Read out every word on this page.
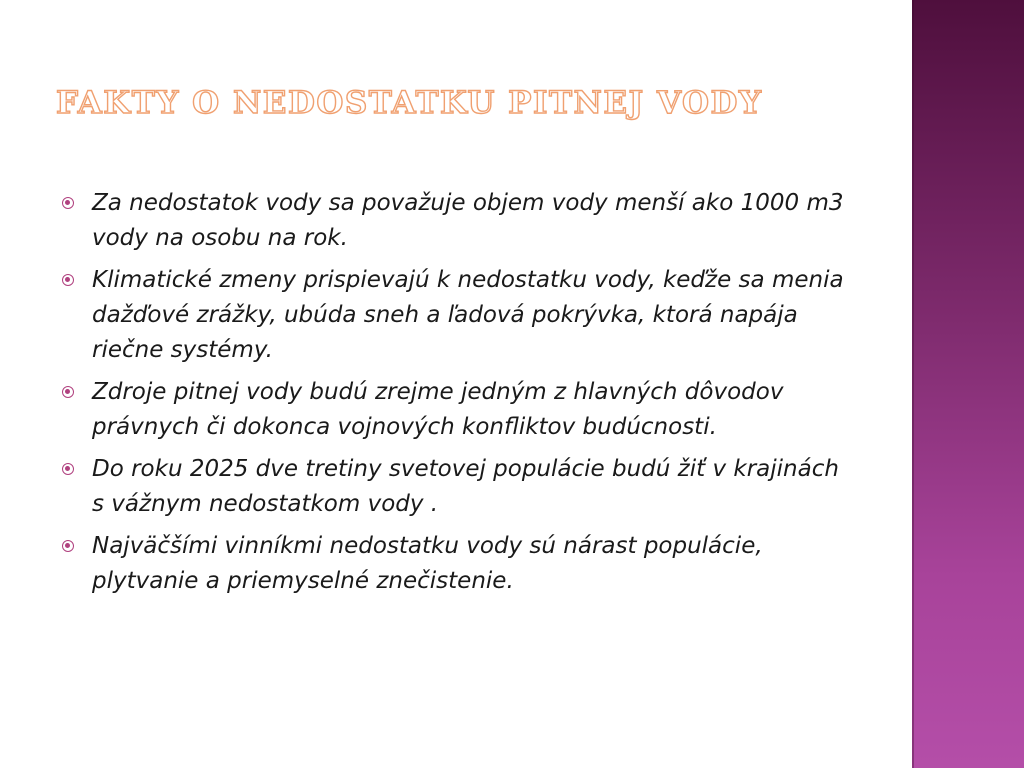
FAKTY O NEDOSTATKU PITNEJ VODY
Za nedostatok vody sa považuje objem vody menší ako 1000 m3 vody na osobu na rok.
Klimatické zmeny prispievajú k nedostatku vody, keďže sa menia dažďové zrážky, ubúda sneh a ľadová pokrývka, ktorá napája riečne systémy.
Zdroje pitnej vody budú zrejme jedným z hlavných dôvodov právnych či dokonca vojnových konfliktov budúcnosti.
Do roku 2025 dve tretiny svetovej populácie budú žiť v krajinách s vážnym nedostatkom vody .
Najväčšími vinníkmi nedostatku vody sú nárast populácie, plytvanie a priemyselné znečistenie.
